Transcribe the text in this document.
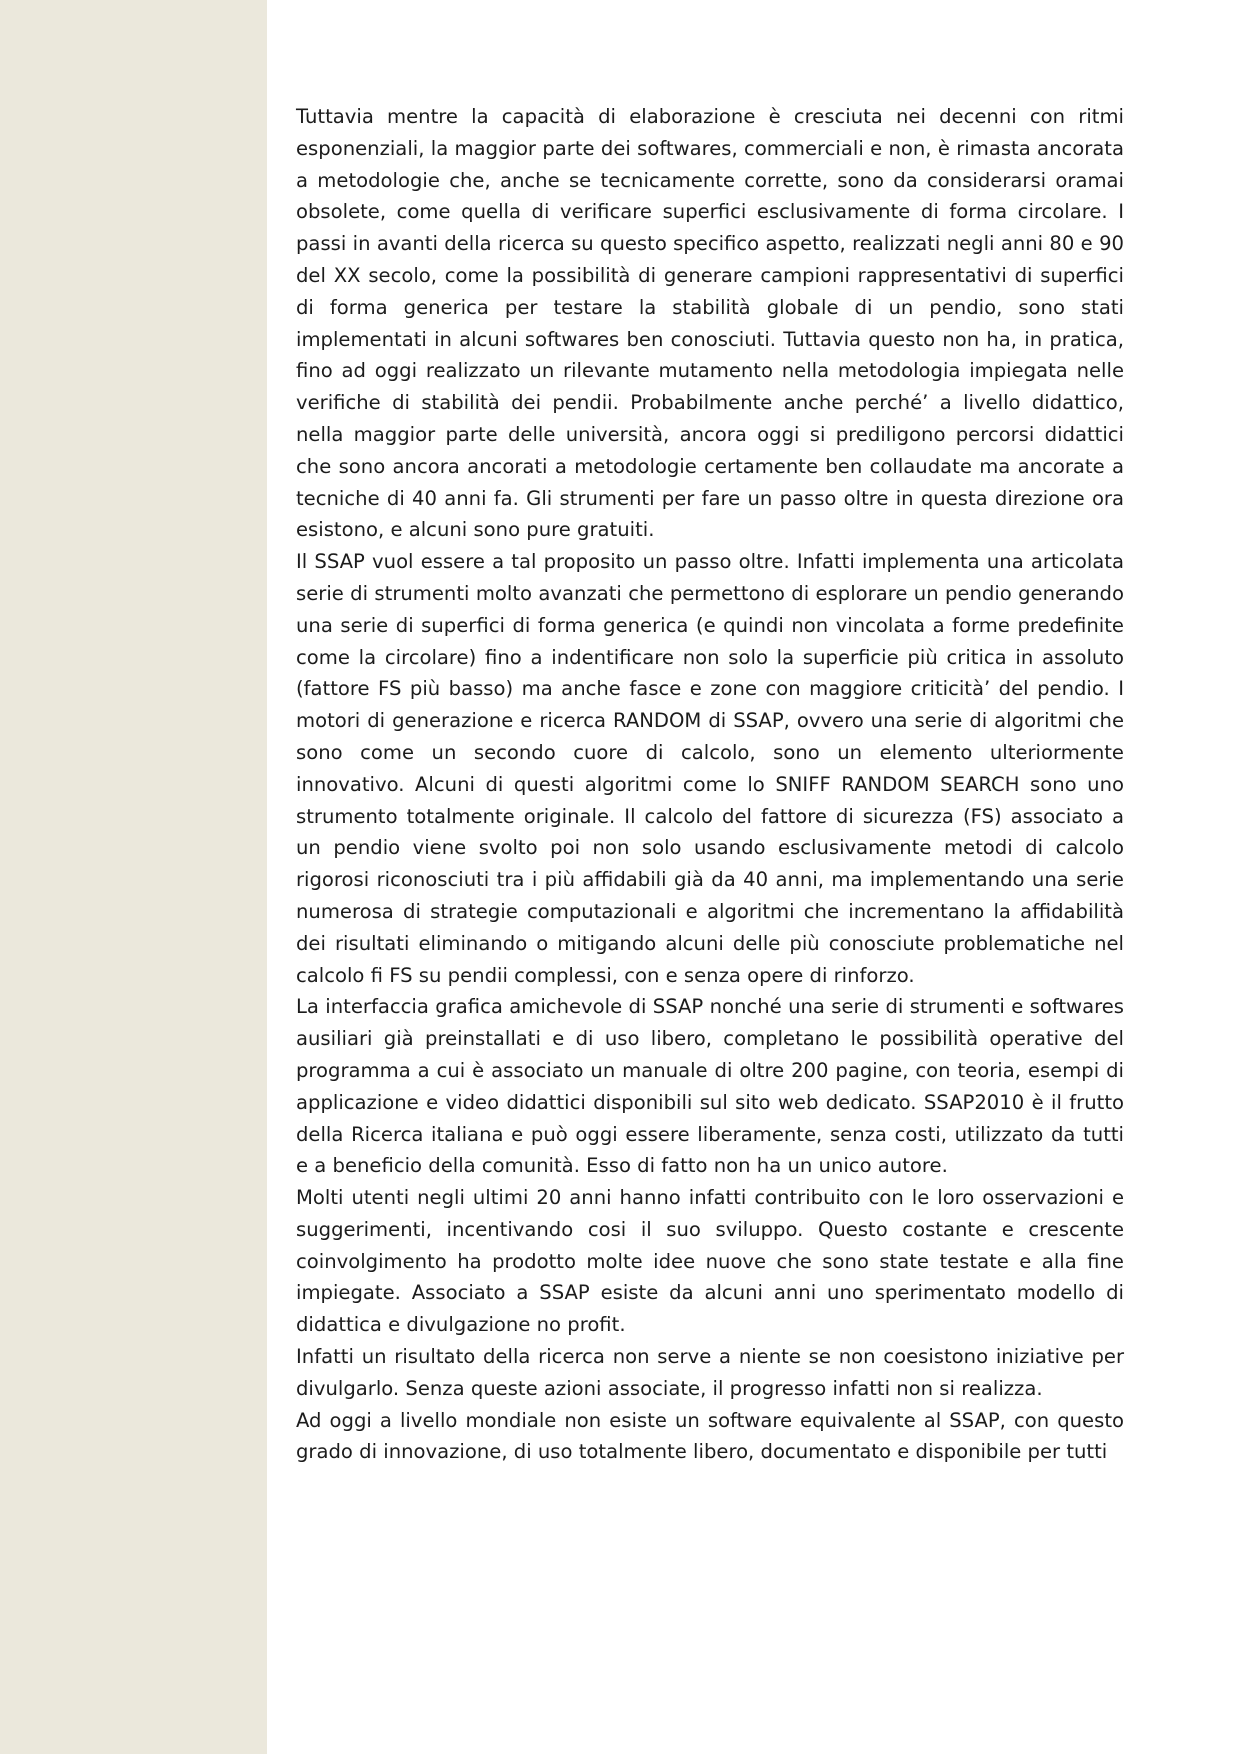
Tuttavia mentre la capacità di elaborazione è cresciuta nei decenni con ritmi esponenziali, la maggior parte dei softwares, commerciali e non, è rimasta ancorata a metodologie che, anche se tecnicamente corrette, sono da considerarsi oramai obsolete, come quella di verificare superfici esclusivamente di forma circolare. I passi in avanti della ricerca su questo specifico aspetto, realizzati negli anni 80 e 90 del XX secolo, come la possibilità di generare campioni rappresentativi di superfici di forma generica per testare la stabilità globale di un pendio, sono stati implementati in alcuni softwares ben conosciuti. Tuttavia questo non ha, in pratica, fino ad oggi realizzato un rilevante mutamento nella metodologia impiegata nelle verifiche di stabilità dei pendii. Probabilmente anche perché’ a livello didattico, nella maggior parte delle università, ancora oggi si prediligono percorsi didattici che sono ancora ancorati a metodologie certamente ben collaudate ma ancorate a tecniche di 40 anni fa. Gli strumenti per fare un passo oltre in questa direzione ora esistono, e alcuni sono pure gratuiti.

Il SSAP vuol essere a tal proposito un passo oltre. Infatti implementa una articolata serie di strumenti molto avanzati che permettono di esplorare un pendio generando una serie di superfici di forma generica (e quindi non vincolata a forme predefinite come la circolare) fino a indentificare non solo la superficie più critica in assoluto (fattore FS più basso) ma anche fasce e zone con maggiore criticità’ del pendio. I motori di generazione e ricerca RANDOM di SSAP, ovvero una serie di algoritmi che sono come un secondo cuore di calcolo, sono un elemento ulteriormente innovativo. Alcuni di questi algoritmi come lo SNIFF RANDOM SEARCH sono uno strumento totalmente originale. Il calcolo del fattore di sicurezza (FS) associato a un pendio viene svolto poi non solo usando esclusivamente metodi di calcolo rigorosi riconosciuti tra i più affidabili già da 40 anni, ma implementando una serie numerosa di strategie computazionali e algoritmi che incrementano la affidabilità dei risultati eliminando o mitigando alcuni delle più conosciute problematiche nel calcolo fi FS su pendii complessi, con e senza opere di rinforzo.

La interfaccia grafica amichevole di SSAP nonché una serie di strumenti e softwares ausiliari già preinstallati e di uso libero, completano le possibilità operative del programma a cui è associato un manuale di oltre 200 pagine, con teoria, esempi di applicazione e video didattici disponibili sul sito web dedicato. SSAP2010 è il frutto della Ricerca italiana e può oggi essere liberamente, senza costi, utilizzato da tutti e a beneficio della comunità. Esso di fatto non ha un unico autore.

Molti utenti negli ultimi 20 anni hanno infatti contribuito con le loro osservazioni e suggerimenti, incentivando cosi il suo sviluppo. Questo costante e crescente coinvolgimento ha prodotto molte idee nuove che sono state testate e alla fine impiegate. Associato a SSAP esiste da alcuni anni uno sperimentato modello di didattica e divulgazione no profit.

Infatti un risultato della ricerca non serve a niente se non coesistono iniziative per divulgarlo. Senza queste azioni associate, il progresso infatti non si realizza.

Ad oggi a livello mondiale non esiste un software equivalente al SSAP, con questo grado di innovazione, di uso totalmente libero, documentato e disponibile per tutti
